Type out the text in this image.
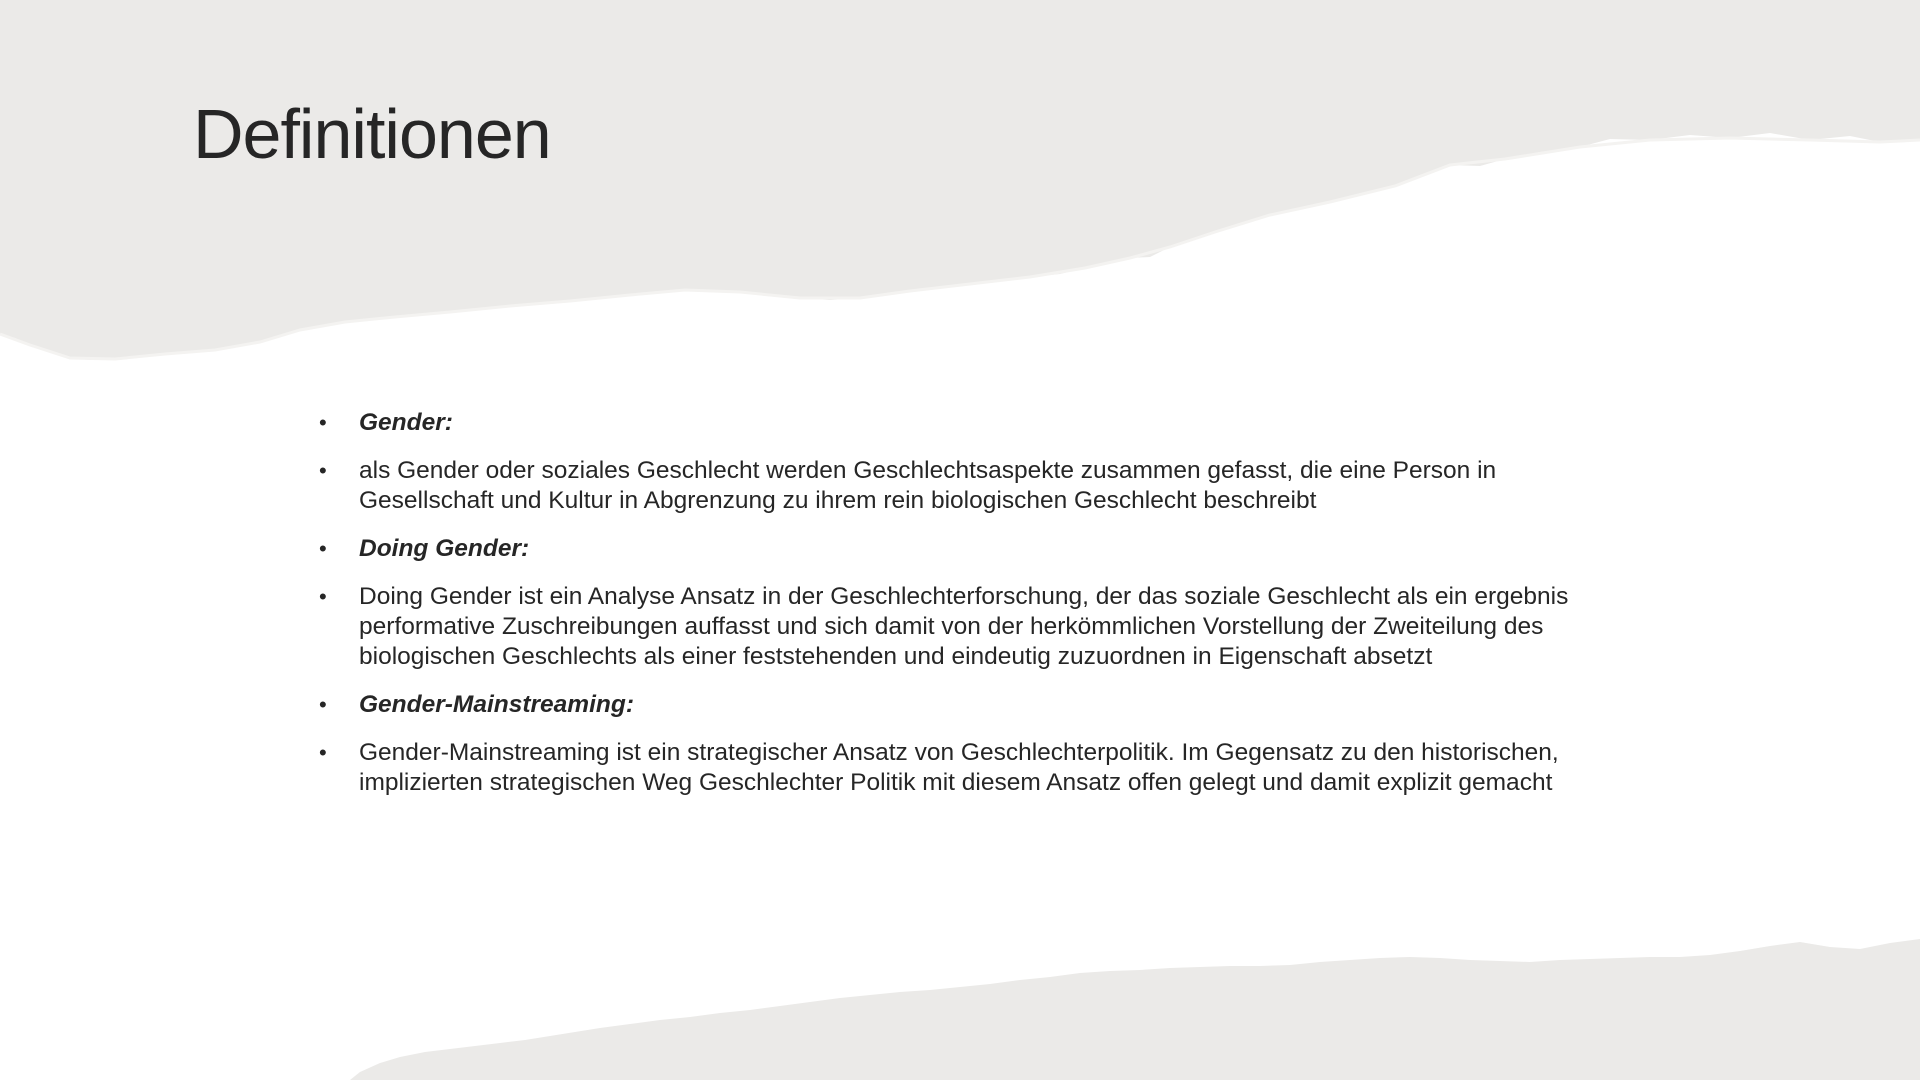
Definitionen
•	Gender:
•	als Gender oder soziales Geschlecht werden Geschlechtsaspekte zusammen gefasst, die eine Person in Gesellschaft und Kultur in Abgrenzung zu ihrem rein biologischen Geschlecht beschreibt
•	Doing Gender:
•	Doing Gender ist ein Analyse Ansatz in der Geschlechterforschung, der das soziale Geschlecht als ein ergebnis performative Zuschreibungen auffasst und sich damit von der herkömmlichen Vorstellung der Zweiteilung des biologischen Geschlechts als einer feststehenden und eindeutig zuzuordnen in Eigenschaft absetzt
•	Gender-Mainstreaming:
•	Gender-Mainstreaming ist ein strategischer Ansatz von Geschlechterpolitik. Im Gegensatz zu den historischen, implizierten strategischen Weg Geschlechter Politik mit diesem Ansatz offen gelegt und damit explizit gemacht
